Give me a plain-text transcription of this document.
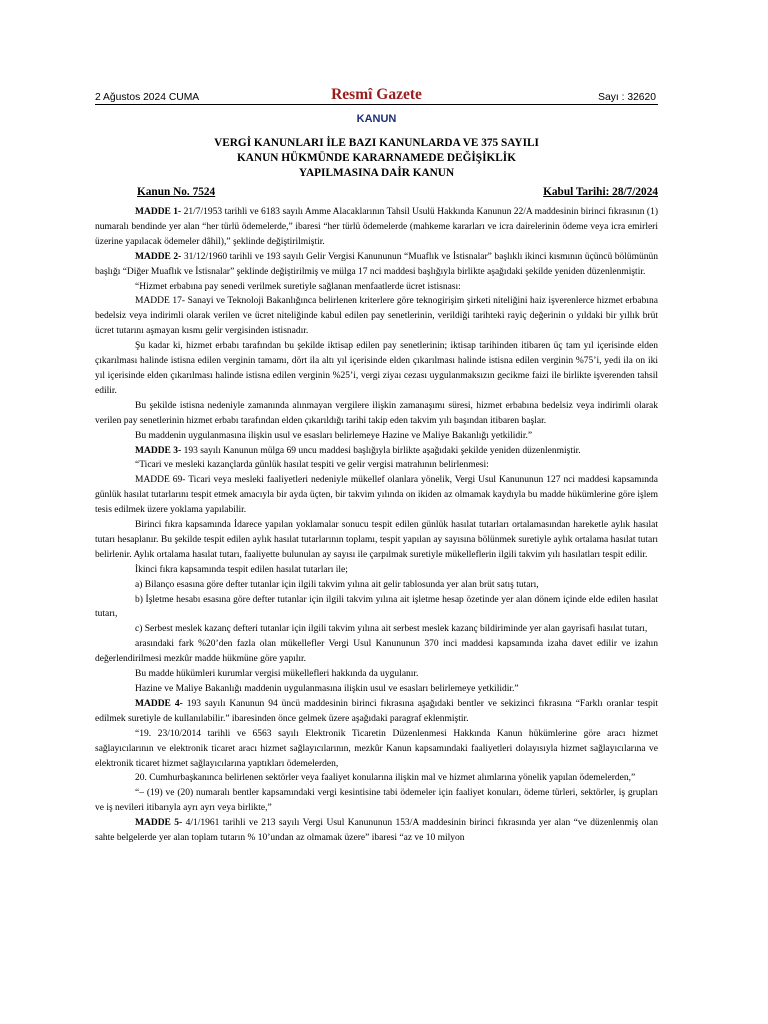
2 Ağustos 2024 CUMA	Resmî Gazete	Sayı : 32620
KANUN
VERGİ KANUNLARI İLE BAZI KANUNLARDA VE 375 SAYILI
KANUN HÜKMÜNDE KARARNAMEDE DEĞİŞİKLİK
YAPILMASINA DAİR KANUN
Kanun No. 7524	Kabul Tarihi: 28/7/2024

MADDE 1- 21/7/1953 tarihli ve 6183 sayılı Amme Alacaklarının Tahsil Usulü Hakkında Kanunun 22/A maddesinin birinci fıkrasının (1) numaralı bendinde yer alan “her türlü ödemelerde,” ibaresi “her türlü ödemelerde (mahkeme kararları ve icra dairelerinin ödeme veya icra emirleri üzerine yapılacak ödemeler dâhil),” şeklinde değiştirilmiştir.

MADDE 2- 31/12/1960 tarihli ve 193 sayılı Gelir Vergisi Kanununun “Muaflık ve İstisnalar” başlıklı ikinci kısmının üçüncü bölümünün başlığı “Diğer Muaflık ve İstisnalar” şeklinde değiştirilmiş ve mülga 17 nci maddesi başlığıyla birlikte aşağıdaki şekilde yeniden düzenlenmiştir.

“Hizmet erbabına pay senedi verilmek suretiyle sağlanan menfaatlerde ücret istisnası:

MADDE 17- Sanayi ve Teknoloji Bakanlığınca belirlenen kriterlere göre teknogirişim şirketi niteliğini haiz işverenlerce hizmet erbabına bedelsiz veya indirimli olarak verilen ve ücret niteliğinde kabul edilen pay senetlerinin, verildiği tarihteki rayiç değerinin o yıldaki bir yıllık brüt ücret tutarını aşmayan kısmı gelir vergisinden istisnadır.

Şu kadar ki, hizmet erbabı tarafından bu şekilde iktisap edilen pay senetlerinin; iktisap tarihinden itibaren üç tam yıl içerisinde elden çıkarılması halinde istisna edilen verginin tamamı, dört ila altı yıl içerisinde elden çıkarılması halinde istisna edilen verginin %75’i, yedi ila on iki yıl içerisinde elden çıkarılması halinde istisna edilen verginin %25’i, vergi ziyaı cezası uygulanmaksızın gecikme faizi ile birlikte işverenden tahsil edilir.

Bu şekilde istisna nedeniyle zamanında alınmayan vergilere ilişkin zamanaşımı süresi, hizmet erbabına bedelsiz veya indirimli olarak verilen pay senetlerinin hizmet erbabı tarafından elden çıkarıldığı tarihi takip eden takvim yılı başından itibaren başlar.

Bu maddenin uygulanmasına ilişkin usul ve esasları belirlemeye Hazine ve Maliye Bakanlığı yetkilidir.”

MADDE 3- 193 sayılı Kanunun mülga 69 uncu maddesi başlığıyla birlikte aşağıdaki şekilde yeniden düzenlenmiştir.

“Ticari ve mesleki kazançlarda günlük hasılat tespiti ve gelir vergisi matrahının belirlenmesi:

MADDE 69- Ticari veya mesleki faaliyetleri nedeniyle mükellef olanlara yönelik, Vergi Usul Kanununun 127 nci maddesi kapsamında günlük hasılat tutarlarını tespit etmek amacıyla bir ayda üçten, bir takvim yılında on ikiden az olmamak kaydıyla bu madde hükümlerine göre işlem tesis edilmek üzere yoklama yapılabilir.

Birinci fıkra kapsamında İdarece yapılan yoklamalar sonucu tespit edilen günlük hasılat tutarları ortalamasından hareketle aylık hasılat tutarı hesaplanır. Bu şekilde tespit edilen aylık hasılat tutarlarının toplamı, tespit yapılan ay sayısına bölünmek suretiyle aylık ortalama hasılat tutarı belirlenir. Aylık ortalama hasılat tutarı, faaliyette bulunulan ay sayısı ile çarpılmak suretiyle mükelleflerin ilgili takvim yılı hasılatları tespit edilir.

İkinci fıkra kapsamında tespit edilen hasılat tutarları ile;

a) Bilanço esasına göre defter tutanlar için ilgili takvim yılına ait gelir tablosunda yer alan brüt satış tutarı,

b) İşletme hesabı esasına göre defter tutanlar için ilgili takvim yılına ait işletme hesap özetinde yer alan dönem içinde elde edilen hasılat tutarı,

c) Serbest meslek kazanç defteri tutanlar için ilgili takvim yılına ait serbest meslek kazanç bildiriminde yer alan gayrisafi hasılat tutarı,

arasındaki fark %20’den fazla olan mükellefler Vergi Usul Kanununun 370 inci maddesi kapsamında izaha davet edilir ve izahın değerlendirilmesi mezkûr madde hükmüne göre yapılır.

Bu madde hükümleri kurumlar vergisi mükellefleri hakkında da uygulanır.

Hazine ve Maliye Bakanlığı maddenin uygulanmasına ilişkin usul ve esasları belirlemeye yetkilidir.”

MADDE 4- 193 sayılı Kanunun 94 üncü maddesinin birinci fıkrasına aşağıdaki bentler ve sekizinci fıkrasına “Farklı oranlar tespit edilmek suretiyle de kullanılabilir.” ibaresinden önce gelmek üzere aşağıdaki paragraf eklenmiştir.

“19. 23/10/2014 tarihli ve 6563 sayılı Elektronik Ticaretin Düzenlenmesi Hakkında Kanun hükümlerine göre aracı hizmet sağlayıcılarının ve elektronik ticaret aracı hizmet sağlayıcılarının, mezkûr Kanun kapsamındaki faaliyetleri dolayısıyla hizmet sağlayıcılarına ve elektronik ticaret hizmet sağlayıcılarına yaptıkları ödemelerden,

20. Cumhurbaşkanınca belirlenen sektörler veya faaliyet konularına ilişkin mal ve hizmet alımlarına yönelik yapılan ödemelerden,”

“– (19) ve (20) numaralı bentler kapsamındaki vergi kesintisine tabi ödemeler için faaliyet konuları, ödeme türleri, sektörler, iş grupları ve iş nevileri itibarıyla ayrı ayrı veya birlikte,”

MADDE 5- 4/1/1961 tarihli ve 213 sayılı Vergi Usul Kanununun 153/A maddesinin birinci fıkrasında yer alan “ve düzenlenmiş olan sahte belgelerde yer alan toplam tutarın % 10’undan az olmamak üzere” ibaresi “az ve 10 milyon
